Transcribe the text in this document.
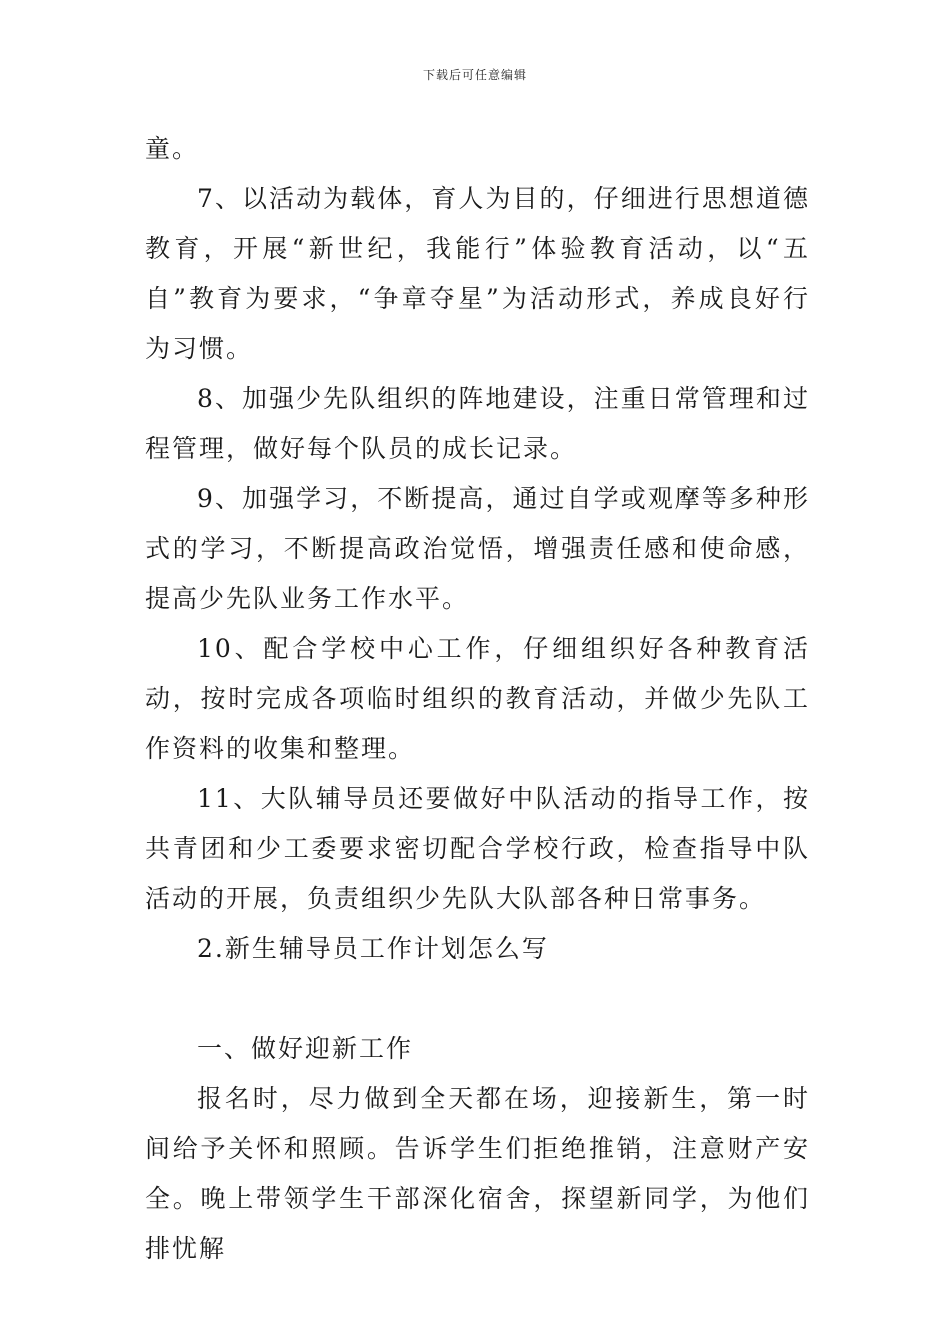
下载后可任意编辑

童。

7、以活动为载体，育人为目的，仔细进行思想道德教育，开展“新世纪，我能行”体验教育活动，以“五自”教育为要求，“争章夺星”为活动形式，养成良好行为习惯。

8、加强少先队组织的阵地建设，注重日常管理和过程管理，做好每个队员的成长记录。

9、加强学习，不断提高，通过自学或观摩等多种形式的学习，不断提高政治觉悟，增强责任感和使命感，提高少先队业务工作水平。

10、配合学校中心工作，仔细组织好各种教育活动，按时完成各项临时组织的教育活动，并做少先队工作资料的收集和整理。

11、大队辅导员还要做好中队活动的指导工作，按共青团和少工委要求密切配合学校行政，检查指导中队活动的开展，负责组织少先队大队部各种日常事务。

2.新生辅导员工作计划怎么写

一、做好迎新工作

报名时，尽力做到全天都在场，迎接新生，第一时间给予关怀和照顾。告诉学生们拒绝推销，注意财产安全。晚上带领学生干部深化宿舍，探望新同学，为他们排忧解
